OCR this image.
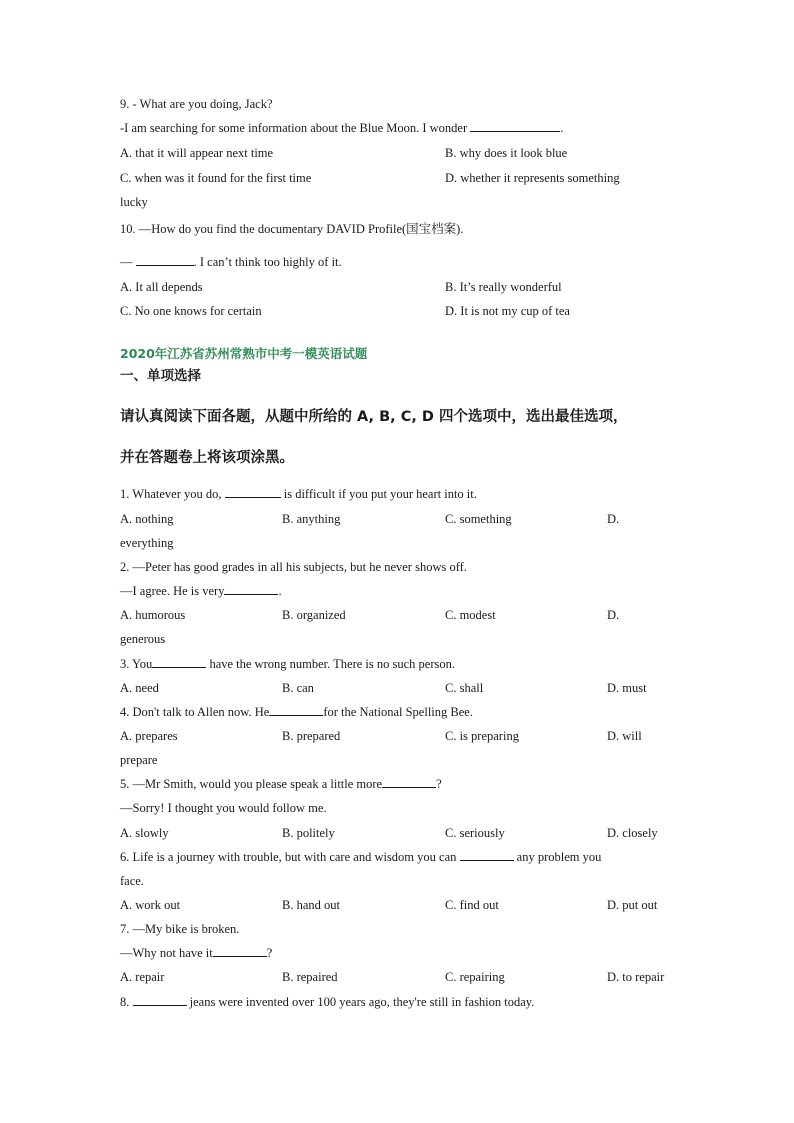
9. - What are you doing, Jack?
-I am searching for some information about the Blue Moon. I wonder	.
A. that it will appear next time	B. why does it look blue
C. when was it found for the first time	D. whether it represents something
lucky
10. —How do you find the documentary DAVID Profile(国宝档案).
—	. I can’t think too highly of it.
A. It all depends	B. It’s really wonderful
C. No one knows for certain	D. It is not my cup of tea
2020年江苏省苏州常熟市中考一模英语试题
一、单项选择
请认真阅读下面各题，从题中所给的 A, B, C, D 四个选项中，选出最佳选项，
并在答题卷上将该项涂黑。
1. Whatever you do,	is difficult if you put your heart into it.
A. nothing	B. anything	C. something	D.
everything
2. —Peter has good grades in all his subjects, but he never shows off.
—I agree. He is very	.
A. humorous	B. organized	C. modest	D.
generous
3. You	have the wrong number. There is no such person.
A. need	B. can	C. shall	D. must
4. Don't talk to Allen now. He	for the National Spelling Bee.
A. prepares	B. prepared	C. is preparing	D. will
prepare
5. —Mr Smith, would you please speak a little more	?
—Sorry! I thought you would follow me.
A. slowly	B. politely	C. seriously	D. closely
6. Life is a journey with trouble, but with care and wisdom you can	any problem you
face.
A. work out	B. hand out	C. find out	D. put out
7. —My bike is broken.
—Why not have it	?
A. repair	B. repaired	C. repairing	D. to repair
8.	jeans were invented over 100 years ago, they're still in fashion today.
